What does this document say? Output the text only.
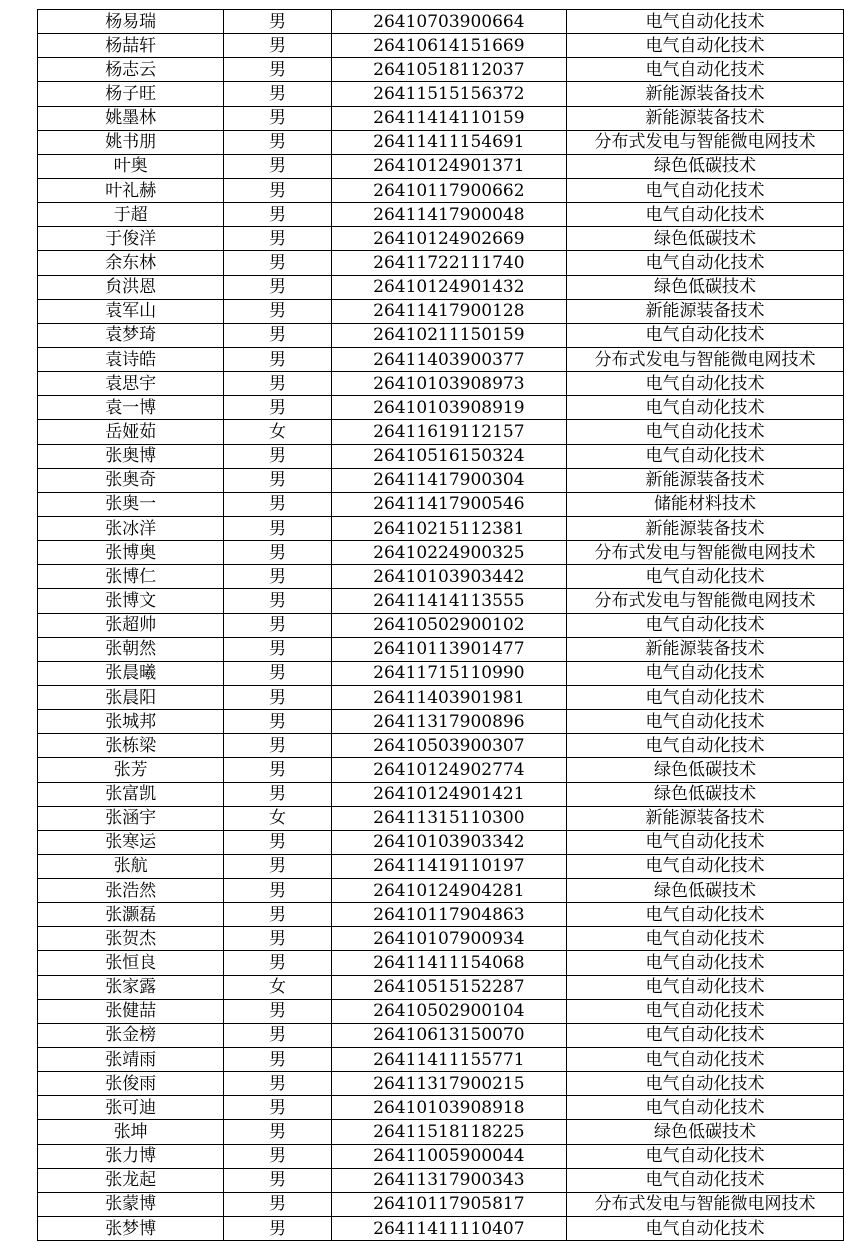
杨易瑞	男	26410703900664	电气自动化技术
杨喆轩	男	26410614151669	电气自动化技术
杨志云	男	26410518112037	电气自动化技术
杨子旺	男	26411515156372	新能源装备技术
姚墨林	男	26411414110159	新能源装备技术
姚书朋	男	26411411154691	分布式发电与智能微电网技术
叶奥	男	26410124901371	绿色低碳技术
叶礼赫	男	26410117900662	电气自动化技术
于超	男	26411417900048	电气自动化技术
于俊洋	男	26410124902669	绿色低碳技术
余东林	男	26411722111740	电气自动化技术
贠洪恩	男	26410124901432	绿色低碳技术
袁军山	男	26411417900128	新能源装备技术
袁梦琦	男	26410211150159	电气自动化技术
袁诗皓	男	26411403900377	分布式发电与智能微电网技术
袁思宇	男	26410103908973	电气自动化技术
袁一博	男	26410103908919	电气自动化技术
岳娅茹	女	26411619112157	电气自动化技术
张奥博	男	26410516150324	电气自动化技术
张奥奇	男	26411417900304	新能源装备技术
张奥一	男	26411417900546	储能材料技术
张冰洋	男	26410215112381	新能源装备技术
张博奥	男	26410224900325	分布式发电与智能微电网技术
张博仁	男	26410103903442	电气自动化技术
张博文	男	26411414113555	分布式发电与智能微电网技术
张超帅	男	26410502900102	电气自动化技术
张朝然	男	26410113901477	新能源装备技术
张晨曦	男	26411715110990	电气自动化技术
张晨阳	男	26411403901981	电气自动化技术
张城邦	男	26411317900896	电气自动化技术
张栋梁	男	26410503900307	电气自动化技术
张芳	男	26410124902774	绿色低碳技术
张富凯	男	26410124901421	绿色低碳技术
张涵宇	女	26411315110300	新能源装备技术
张寒运	男	26410103903342	电气自动化技术
张航	男	26411419110197	电气自动化技术
张浩然	男	26410124904281	绿色低碳技术
张灏磊	男	26410117904863	电气自动化技术
张贺杰	男	26410107900934	电气自动化技术
张恒良	男	26411411154068	电气自动化技术
张家露	女	26410515152287	电气自动化技术
张健喆	男	26410502900104	电气自动化技术
张金榜	男	26410613150070	电气自动化技术
张靖雨	男	26411411155771	电气自动化技术
张俊雨	男	26411317900215	电气自动化技术
张可迪	男	26410103908918	电气自动化技术
张坤	男	26411518118225	绿色低碳技术
张力博	男	26411005900044	电气自动化技术
张龙起	男	26411317900343	电气自动化技术
张蒙博	男	26410117905817	分布式发电与智能微电网技术
张梦博	男	26411411110407	电气自动化技术
